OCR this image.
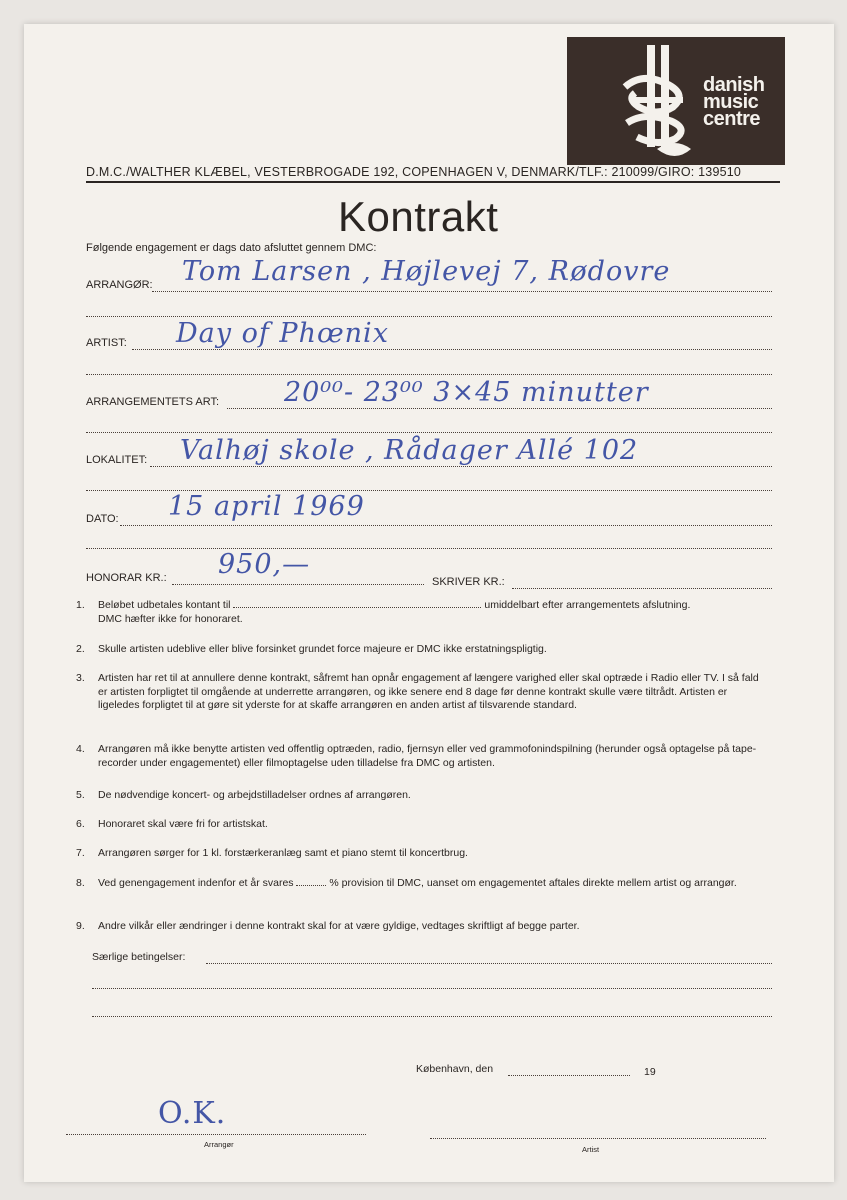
danish
music
centre
D.M.C./WALTHER KLÆBEL, VESTERBROGADE 192, COPENHAGEN V, DENMARK/TLF.: 210099/GIRO: 139510
Kontrakt
Følgende engagement er dags dato afsluttet gennem DMC:
ARRANGØR: Tom Larsen , Højlevej 7, Rødovre
ARTIST: Day of Phœnix
ARRANGEMENTETS ART: 20⁰⁰- 23⁰⁰ 3×45 minutter
LOKALITET: Valhøj skole , Rådager Allé 102
DATO: 15 april 1969
HONORAR KR.: 950,—
SKRIVER KR.:
1. Beløbet udbetales kontant til	umiddelbart efter arrangementets afslutning.
DMC hæfter ikke for honoraret.
2. Skulle artisten udeblive eller blive forsinket grundet force majeure er DMC ikke erstatningspligtig.
3. Artisten har ret til at annullere denne kontrakt, såfremt han opnår engagement af længere varighed eller skal optræde i Radio eller TV. I så fald er artisten forpligtet til omgående at underrette arrangøren, og ikke senere end 8 dage før denne kontrakt skulle være tiltrådt. Artisten er ligeledes forpligtet til at gøre sit yderste for at skaffe arrangøren en anden artist af tilsvarende standard.
4. Arrangøren må ikke benytte artisten ved offentlig optræden, radio, fjernsyn eller ved grammofonindspilning (herunder også optagelse på tape-recorder under engagementet) eller filmoptagelse uden tilladelse fra DMC og artisten.
5. De nødvendige koncert- og arbejdstilladelser ordnes af arrangøren.
6. Honoraret skal være fri for artistskat.
7. Arrangøren sørger for 1 kl. forstærkeranlæg samt et piano stemt til koncertbrug.
8. Ved genengagement indenfor et år svares	% provision til DMC, uanset om engagementet aftales direkte mellem artist og arrangør.
9. Andre vilkår eller ændringer i denne kontrakt skal for at være gyldige, vedtages skriftligt af begge parter.
Særlige betingelser:
København, den	19
O.K.
Arrangør
Artist
